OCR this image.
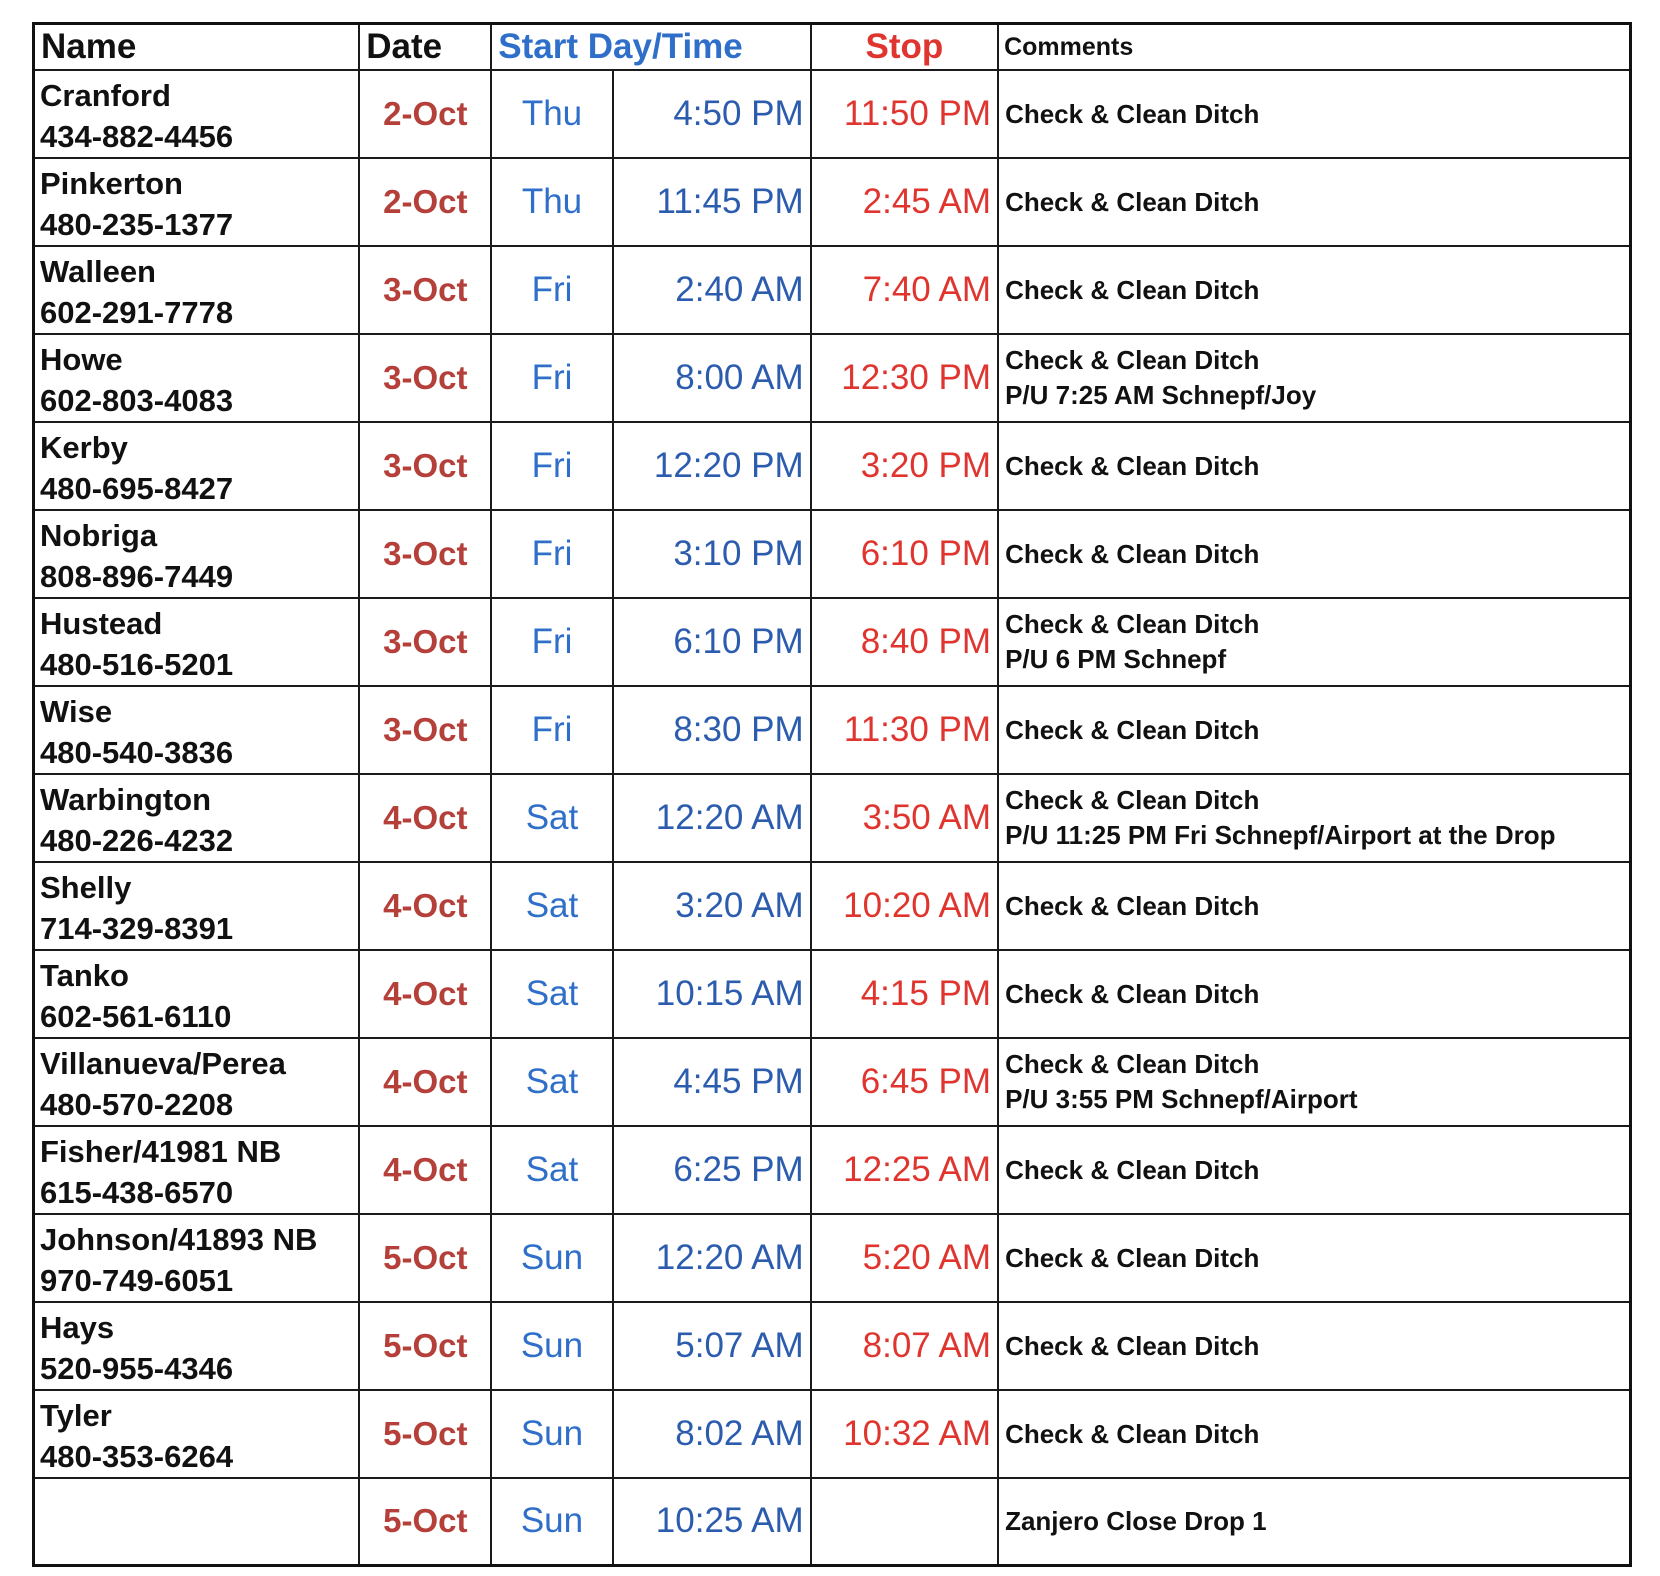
Name	Date	Start Day/Time		Stop	Comments

Cranford
434-882-4456	2-Oct	Thu	4:50 PM	11:50 PM	Check & Clean Ditch

Pinkerton
480-235-1377	2-Oct	Thu	11:45 PM	2:45 AM	Check & Clean Ditch

Walleen
602-291-7778	3-Oct	Fri	2:40 AM	7:40 AM	Check & Clean Ditch

Howe
602-803-4083	3-Oct	Fri	8:00 AM	12:30 PM	Check & Clean Ditch
P/U 7:25 AM Schnepf/Joy

Kerby
480-695-8427	3-Oct	Fri	12:20 PM	3:20 PM	Check & Clean Ditch

Nobriga
808-896-7449	3-Oct	Fri	3:10 PM	6:10 PM	Check & Clean Ditch

Hustead
480-516-5201	3-Oct	Fri	6:10 PM	8:40 PM	Check & Clean Ditch
P/U 6 PM Schnepf

Wise
480-540-3836	3-Oct	Fri	8:30 PM	11:30 PM	Check & Clean Ditch

Warbington
480-226-4232	4-Oct	Sat	12:20 AM	3:50 AM	Check & Clean Ditch
P/U 11:25 PM Fri Schnepf/Airport at the Drop

Shelly
714-329-8391	4-Oct	Sat	3:20 AM	10:20 AM	Check & Clean Ditch

Tanko
602-561-6110	4-Oct	Sat	10:15 AM	4:15 PM	Check & Clean Ditch

Villanueva/Perea
480-570-2208	4-Oct	Sat	4:45 PM	6:45 PM	Check & Clean Ditch
P/U 3:55 PM Schnepf/Airport

Fisher/41981 NB
615-438-6570	4-Oct	Sat	6:25 PM	12:25 AM	Check & Clean Ditch

Johnson/41893 NB
970-749-6051	5-Oct	Sun	12:20 AM	5:20 AM	Check & Clean Ditch

Hays
520-955-4346	5-Oct	Sun	5:07 AM	8:07 AM	Check & Clean Ditch

Tyler
480-353-6264	5-Oct	Sun	8:02 AM	10:32 AM	Check & Clean Ditch

	5-Oct	Sun	10:25 AM		Zanjero Close Drop 1
